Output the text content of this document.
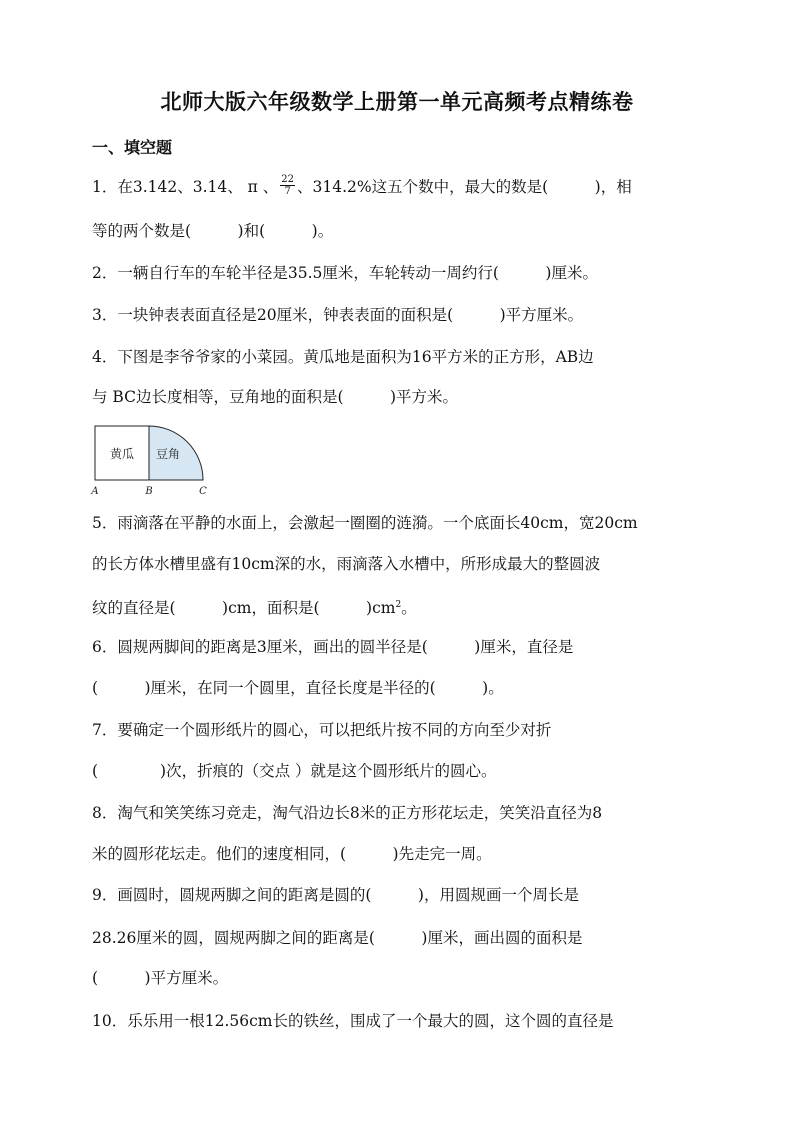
北师大版六年级数学上册第一单元高频考点精练卷
一、填空题
1．在3.142、3.14、 π 、 $\frac{22}{7}$ 、314.2%这五个数中，最大的数是(　　　)，相
等的两个数是(　　　)和(　　　)。
2．一辆自行车的车轮半径是35.5厘米，车轮转动一周约行(　　　)厘米。
3．一块钟表表面直径是20厘米，钟表表面的面积是(　　　)平方厘米。
4．下图是李爷爷家的小菜园。黄瓜地是面积为16平方米的正方形，AB边
与 BC边长度相等，豆角地的面积是(　　　)平方米。
黄瓜 豆角
A	B	C
5．雨滴落在平静的水面上，会激起一圈圈的涟漪。一个底面长40cm，宽20cm
的长方体水槽里盛有10cm深的水，雨滴落入水槽中，所形成最大的整圆波
纹的直径是(　　　)cm，面积是(　　　)$cm^2$。
6．圆规两脚间的距离是3厘米，画出的圆半径是(　　　)厘米，直径是
(　　　)厘米，在同一个圆里，直径长度是半径的(　　　)。
7．要确定一个圆形纸片的圆心，可以把纸片按不同的方向至少对折
(　　　　)次，折痕的（交点 ）就是这个圆形纸片的圆心。
8．淘气和笑笑练习竞走，淘气沿边长8米的正方形花坛走，笑笑沿直径为8
米的圆形花坛走。他们的速度相同，(　　　)先走完一周。
9．画圆时，圆规两脚之间的距离是圆的(　　　)，用圆规画一个周长是
28.26厘米的圆，圆规两脚之间的距离是(　　　)厘米，画出圆的面积是
(　　　)平方厘米。
10．乐乐用一根12.56cm长的铁丝，围成了一个最大的圆，这个圆的直径是
